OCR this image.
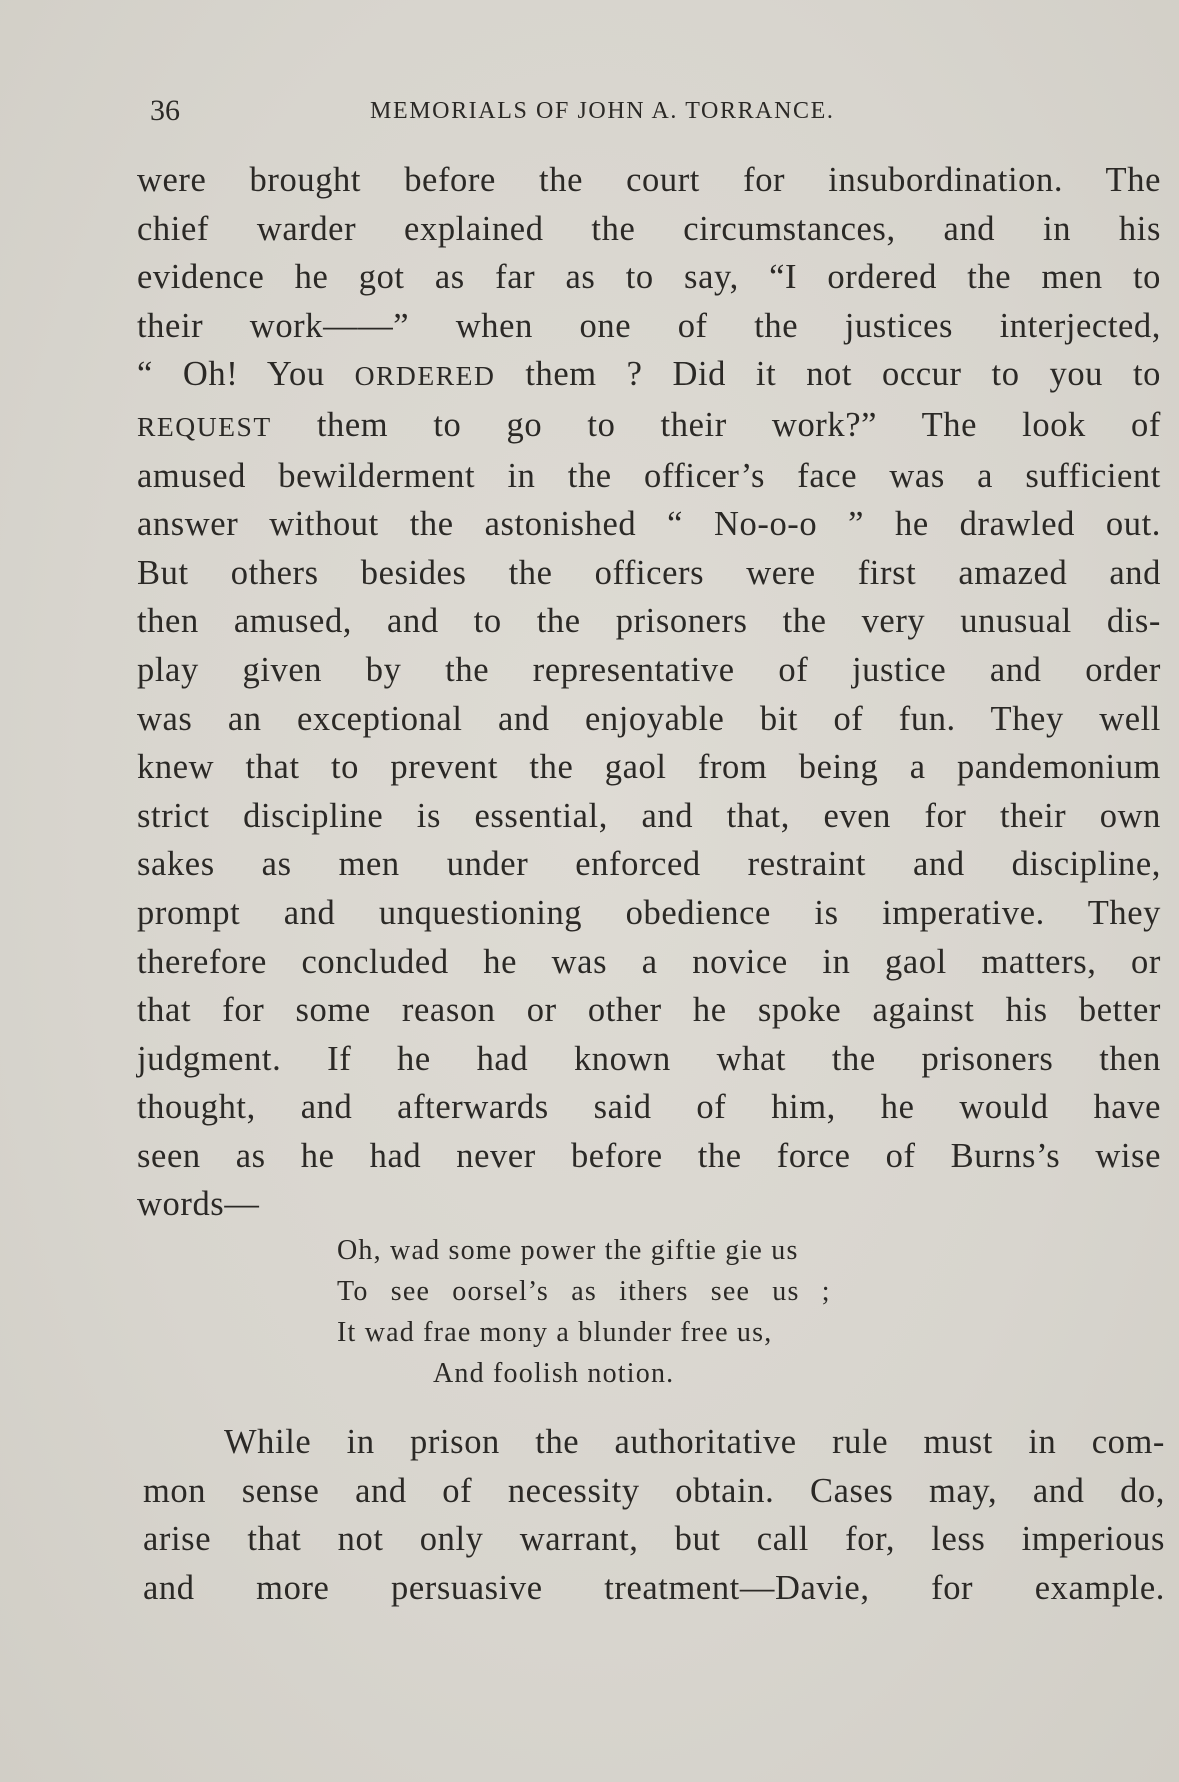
36	MEMORIALS OF JOHN A. TORRANCE.
were brought before the court for insubordination. The
chief warder explained the circumstances, and in his
evidence he got as far as to say, “I ordered the men to
their work——” when one of the justices interjected,
“ Oh! You ORDERED them ? Did it not occur to you to
REQUEST them to go to their work?” The look of
amused bewilderment in the officer’s face was a sufficient
answer without the astonished “ No-o-o ” he drawled out.
But others besides the officers were first amazed and
then amused, and to the prisoners the very unusual dis-
play given by the representative of justice and order
was an exceptional and enjoyable bit of fun. They well
knew that to prevent the gaol from being a pandemonium
strict discipline is essential, and that, even for their own
sakes as men under enforced restraint and discipline,
prompt and unquestioning obedience is imperative. They
therefore concluded he was a novice in gaol matters, or
that for some reason or other he spoke against his better
judgment. If he had known what the prisoners then
thought, and afterwards said of him, he would have
seen as he had never before the force of Burns’s wise
words—
Oh, wad some power the giftie gie us
To see oorsel’s as ithers see us ;
It wad frae mony a blunder free us,
And foolish notion.
While in prison the authoritative rule must in com-
mon sense and of necessity obtain. Cases may, and do,
arise that not only warrant, but call for, less imperious
and more persuasive treatment—Davie, for example.
